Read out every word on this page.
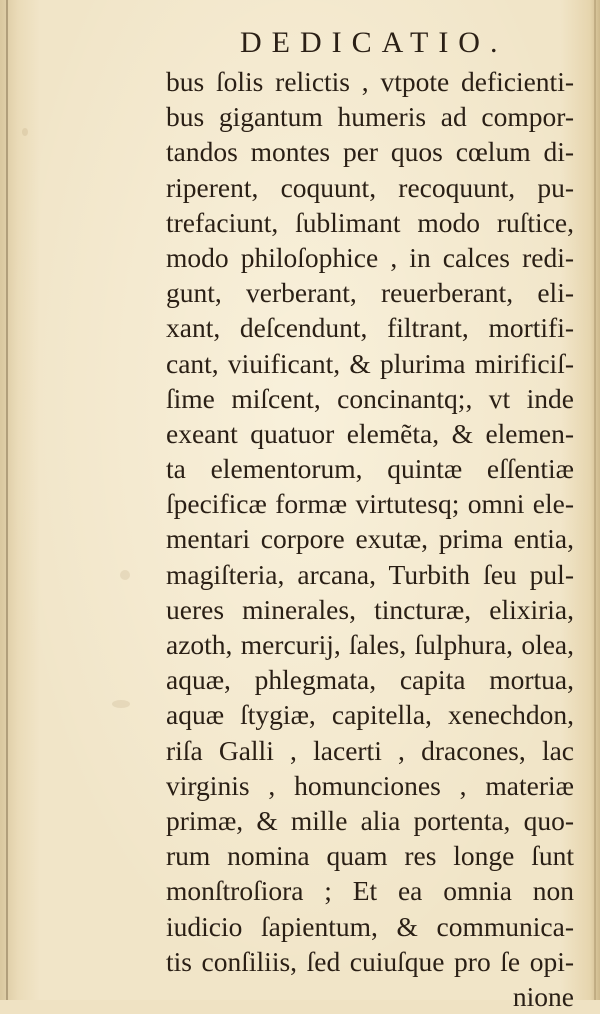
DEDICATIO.
bus ſolis relictis , vtpote deficienti-
bus gigantum humeris ad compor-
tandos montes per quos cœlum di-
riperent, coquunt, recoquunt, pu-
trefaciunt, ſublimant modo ruſtice,
modo philoſophice , in calces redi-
gunt, verberant, reuerberant, eli-
xant, deſcendunt, filtrant, mortifi-
cant, viuificant, & plurima mirificiſ-
ſime miſcent, concinantq;, vt inde
exeant quatuor elemẽta, & elemen-
ta elementorum, quintæ eſſentiæ
ſpecificæ formæ virtutesq; omni ele-
mentari corpore exutæ, prima entia,
magiſteria, arcana, Turbith ſeu pul-
ueres minerales, tincturæ, elixiria,
azoth, mercurij, ſales, ſulphura, olea,
aquæ, phlegmata, capita mortua,
aquæ ſtygiæ, capitella, xenechdon,
riſa Galli , lacerti , dracones, lac
virginis , homunciones , materiæ
primæ, & mille alia portenta, quo-
rum nomina quam res longe ſunt
monſtroſiora ; Et ea omnia non
iudicio ſapientum, & communica-
tis conſiliis, ſed cuiuſque pro ſe opi-
nione
